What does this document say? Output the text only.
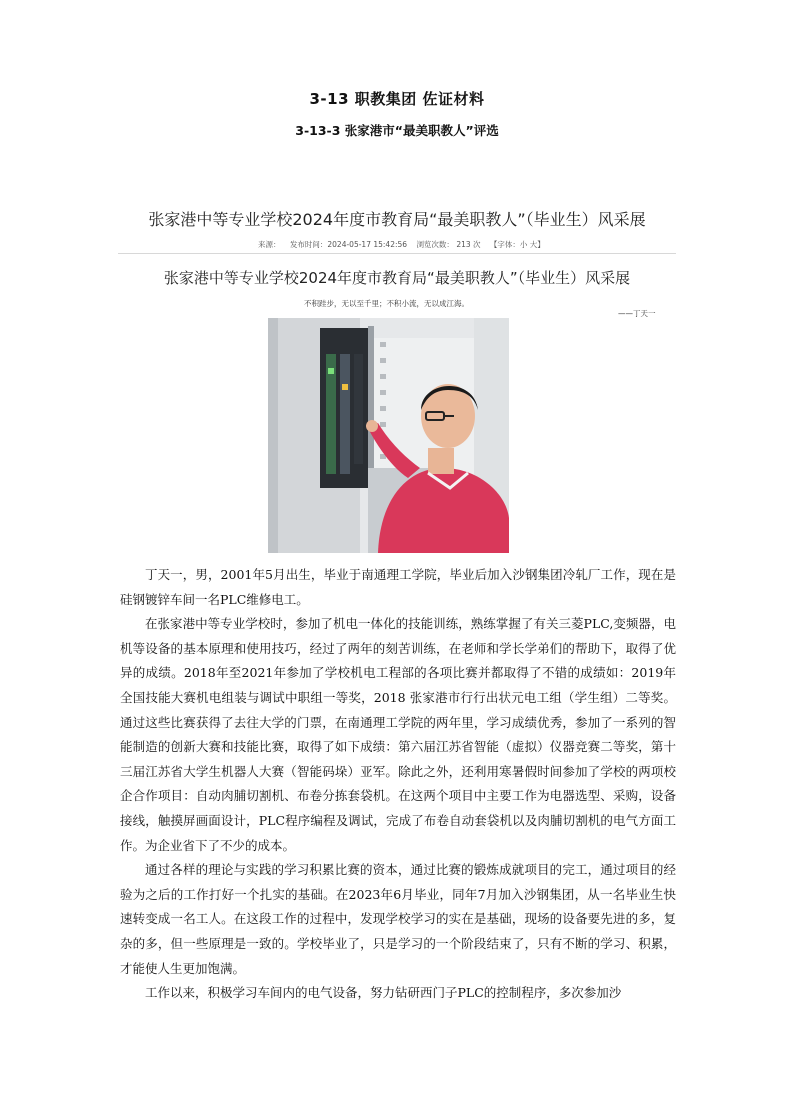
3-13 职教集团 佐证材料
3-13-3 张家港市“最美职教人”评选
张家港中等专业学校2024年度市教育局“最美职教人”（毕业生）风采展
来源： 发布时间：2024-05-17 15:42:56 浏览次数： 213 次 【字体：小 大】
张家港中等专业学校2024年度市教育局“最美职教人”（毕业生）风采展
不积跬步，无以至千里；不积小流，无以成江海。
——丁天一

丁天一，男，2001年5月出生，毕业于南通理工学院，毕业后加入沙钢集团冷轧厂工作，现在是硅钢镀锌车间一名PLC维修电工。

在张家港中等专业学校时，参加了机电一体化的技能训练，熟练掌握了有关三菱PLC,变频器，电机等设备的基本原理和使用技巧，经过了两年的刻苦训练，在老师和学长学弟们的帮助下，取得了优异的成绩。2018年至2021年参加了学校机电工程部的各项比赛并都取得了不错的成绩如：2019年全国技能大赛机电组装与调试中职组一等奖，2018 张家港市行行出状元电工组（学生组）二等奖。通过这些比赛获得了去往大学的门票，在南通理工学院的两年里，学习成绩优秀，参加了一系列的智能制造的创新大赛和技能比赛，取得了如下成绩：第六届江苏省智能（虚拟）仪器竞赛二等奖，第十三届江苏省大学生机器人大赛（智能码垛）亚军。除此之外，还利用寒暑假时间参加了学校的两项校企合作项目：自动肉脯切割机、布卷分拣套袋机。在这两个项目中主要工作为电器选型、采购，设备接线，触摸屏画面设计，PLC程序编程及调试，完成了布卷自动套袋机以及肉脯切割机的电气方面工作。为企业省下了不少的成本。

通过各样的理论与实践的学习积累比赛的资本，通过比赛的锻炼成就项目的完工，通过项目的经验为之后的工作打好一个扎实的基础。在2023年6月毕业，同年7月加入沙钢集团，从一名毕业生快速转变成一名工人。在这段工作的过程中，发现学校学习的实在是基础，现场的设备要先进的多，复杂的多，但一些原理是一致的。学校毕业了，只是学习的一个阶段结束了，只有不断的学习、积累，才能使人生更加饱满。

工作以来，积极学习车间内的电气设备，努力钻研西门子PLC的控制程序，多次参加沙
